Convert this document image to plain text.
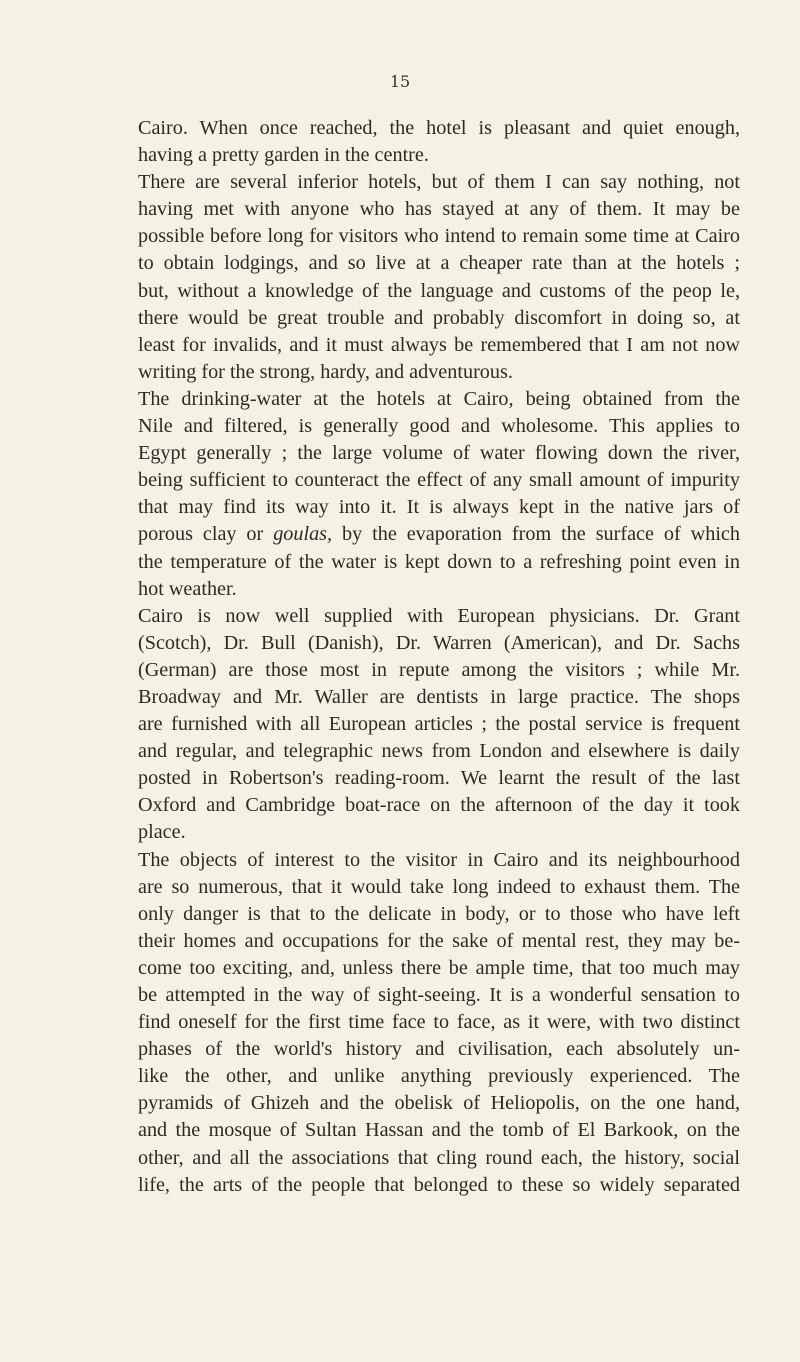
15
Cairo. When once reached, the hotel is pleasant and quiet enough,
having a pretty garden in the centre.
There are several inferior hotels, but of them I can say nothing, not
having met with anyone who has stayed at any of them. It may be
possible before long for visitors who intend to remain some time at Cairo
to obtain lodgings, and so live at a cheaper rate than at the hotels ;
but, without a knowledge of the language and customs of the peop le,
there would be great trouble and probably discomfort in doing so, at
least for invalids, and it must always be remembered that I am not now
writing for the strong, hardy, and adventurous.
The drinking-water at the hotels at Cairo, being obtained from the
Nile and filtered, is generally good and wholesome. This applies to
Egypt generally ; the large volume of water flowing down the river,
being sufficient to counteract the effect of any small amount of impurity
that may find its way into it. It is always kept in the native jars of
porous clay or goulas, by the evaporation from the surface of which
the temperature of the water is kept down to a refreshing point even in
hot weather.
Cairo is now well supplied with European physicians. Dr. Grant
(Scotch), Dr. Bull (Danish), Dr. Warren (American), and Dr. Sachs
(German) are those most in repute among the visitors ; while Mr.
Broadway and Mr. Waller are dentists in large practice. The shops
are furnished with all European articles ; the postal service is frequent
and regular, and telegraphic news from London and elsewhere is daily
posted in Robertson's reading-room. We learnt the result of the last
Oxford and Cambridge boat-race on the afternoon of the day it took
place.
The objects of interest to the visitor in Cairo and its neighbourhood
are so numerous, that it would take long indeed to exhaust them. The
only danger is that to the delicate in body, or to those who have left
their homes and occupations for the sake of mental rest, they may be-
come too exciting, and, unless there be ample time, that too much may
be attempted in the way of sight-seeing. It is a wonderful sensation to
find oneself for the first time face to face, as it were, with two distinct
phases of the world's history and civilisation, each absolutely un-
like the other, and unlike anything previously experienced. The
pyramids of Ghizeh and the obelisk of Heliopolis, on the one hand,
and the mosque of Sultan Hassan and the tomb of El Barkook, on the
other, and all the associations that cling round each, the history, social
life, the arts of the people that belonged to these so widely separated
